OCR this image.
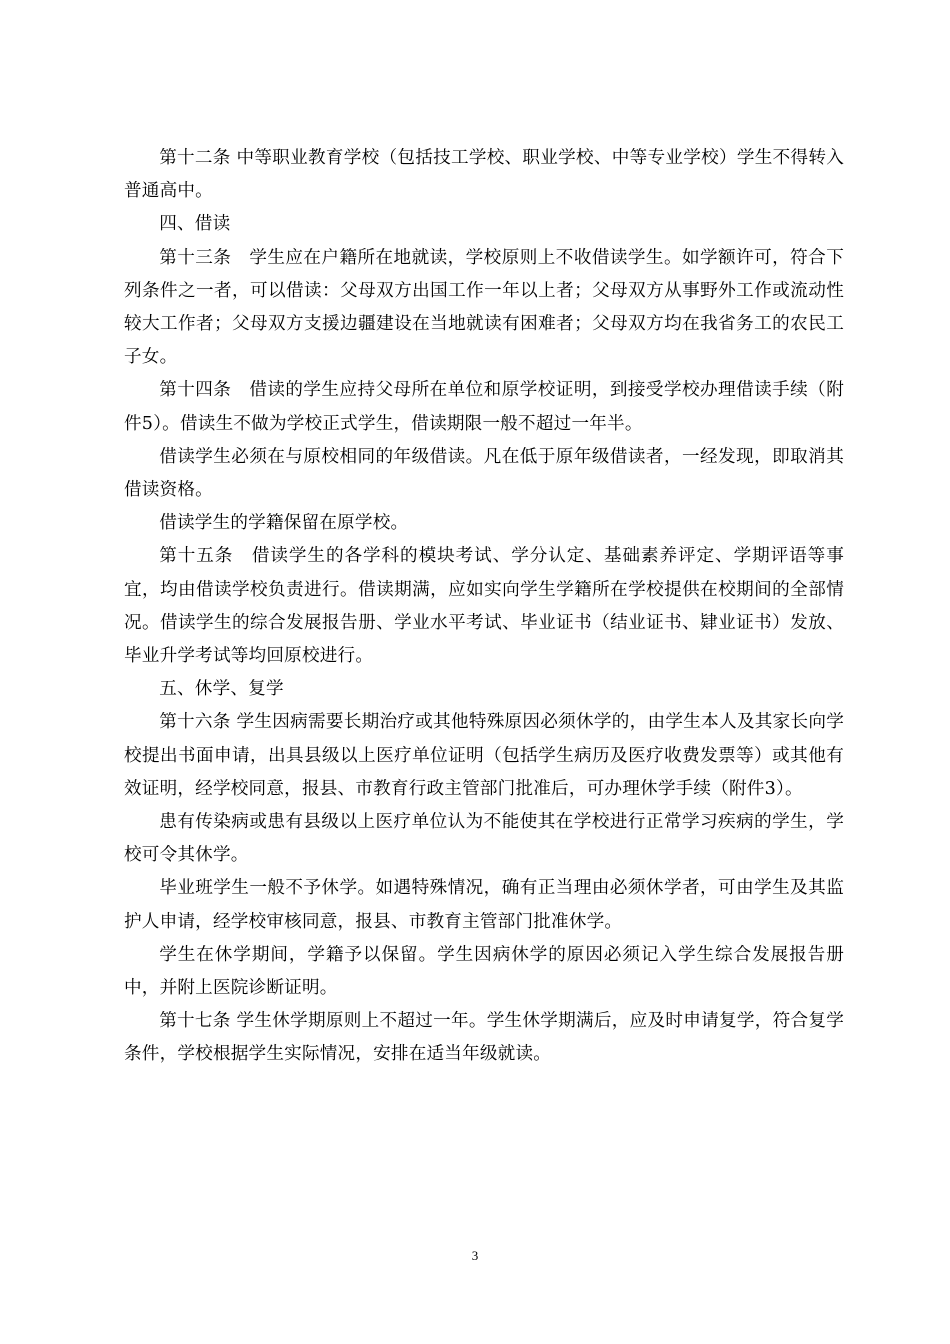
第十二条 中等职业教育学校（包括技工学校、职业学校、中等专业学校）学生不得转入普通高中。

四、借读

第十三条　学生应在户籍所在地就读，学校原则上不收借读学生。如学额许可，符合下列条件之一者，可以借读：父母双方出国工作一年以上者；父母双方从事野外工作或流动性较大工作者；父母双方支援边疆建设在当地就读有困难者；父母双方均在我省务工的农民工子女。

第十四条　借读的学生应持父母所在单位和原学校证明，到接受学校办理借读手续（附件5）。借读生不做为学校正式学生，借读期限一般不超过一年半。

借读学生必须在与原校相同的年级借读。凡在低于原年级借读者，一经发现，即取消其借读资格。

借读学生的学籍保留在原学校。

第十五条　借读学生的各学科的模块考试、学分认定、基础素养评定、学期评语等事宜，均由借读学校负责进行。借读期满，应如实向学生学籍所在学校提供在校期间的全部情况。借读学生的综合发展报告册、学业水平考试、毕业证书（结业证书、肄业证书）发放、毕业升学考试等均回原校进行。

五、休学、复学

第十六条 学生因病需要长期治疗或其他特殊原因必须休学的，由学生本人及其家长向学校提出书面申请，出具县级以上医疗单位证明（包括学生病历及医疗收费发票等）或其他有效证明，经学校同意，报县、市教育行政主管部门批准后，可办理休学手续（附件3）。

患有传染病或患有县级以上医疗单位认为不能使其在学校进行正常学习疾病的学生，学校可令其休学。

毕业班学生一般不予休学。如遇特殊情况，确有正当理由必须休学者，可由学生及其监护人申请，经学校审核同意，报县、市教育主管部门批准休学。

学生在休学期间，学籍予以保留。学生因病休学的原因必须记入学生综合发展报告册中，并附上医院诊断证明。

第十七条 学生休学期原则上不超过一年。学生休学期满后，应及时申请复学，符合复学条件，学校根据学生实际情况，安排在适当年级就读。

3
